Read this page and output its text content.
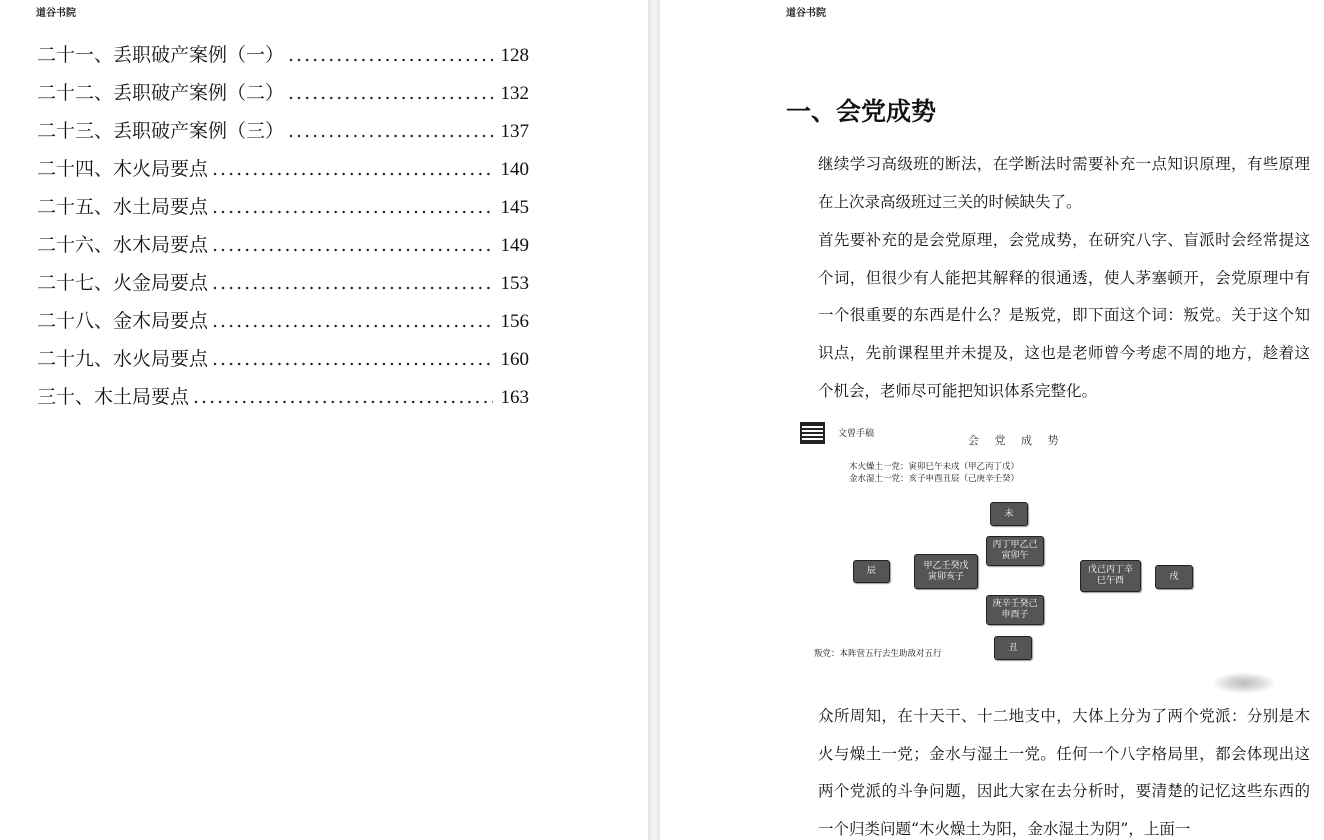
道谷书院
二十一、丢职破产案例（一） .....	128
二十二、丢职破产案例（二） .....	132
二十三、丢职破产案例（三） .....	137
二十四、木火局要点 .....	140
二十五、水土局要点 .....	145
二十六、水木局要点 .....	149
二十七、火金局要点 .....	153
二十八、金木局要点 .....	156
二十九、水火局要点 .....	160
三十、木土局要点 .....	163
道谷书院
一、会党成势

继续学习高级班的断法，在学断法时需要补充一点知识原理，有些原理在上次录高级班过三关的时候缺失了。

首先要补充的是会党原理，会党成势，在研究八字、盲派时会经常提这个词，但很少有人能把其解释的很通透，使人茅塞顿开，会党原理中有一个很重要的东西是什么？是叛党，即下面这个词：叛党。关于这个知识点，先前课程里并未提及，这也是老师曾今考虑不周的地方，趁着这个机会，老师尽可能把知识体系完整化。

文曾手稿	会 党 成 势
木火燥土一党：寅卯巳午未戌（甲乙丙丁戊）
金水湿土一党：亥子申酉丑辰（己庚辛壬癸）
未
丙丁甲乙己
寅卯午
甲乙壬癸戊
寅卯亥子
辰	戊己丙丁辛
巳午酉	戌
庚辛壬癸己
申酉子
丑
叛党：本阵营五行去生助敌对五行

众所周知，在十天干、十二地支中，大体上分为了两个党派：分别是木火与燥土一党；金水与湿土一党。任何一个八字格局里，都会体现出这两个党派的斗争问题，因此大家在去分析时，要清楚的记忆这些东西的一个归类问题“木火燥土为阳，金水湿土为阴”，上面一
